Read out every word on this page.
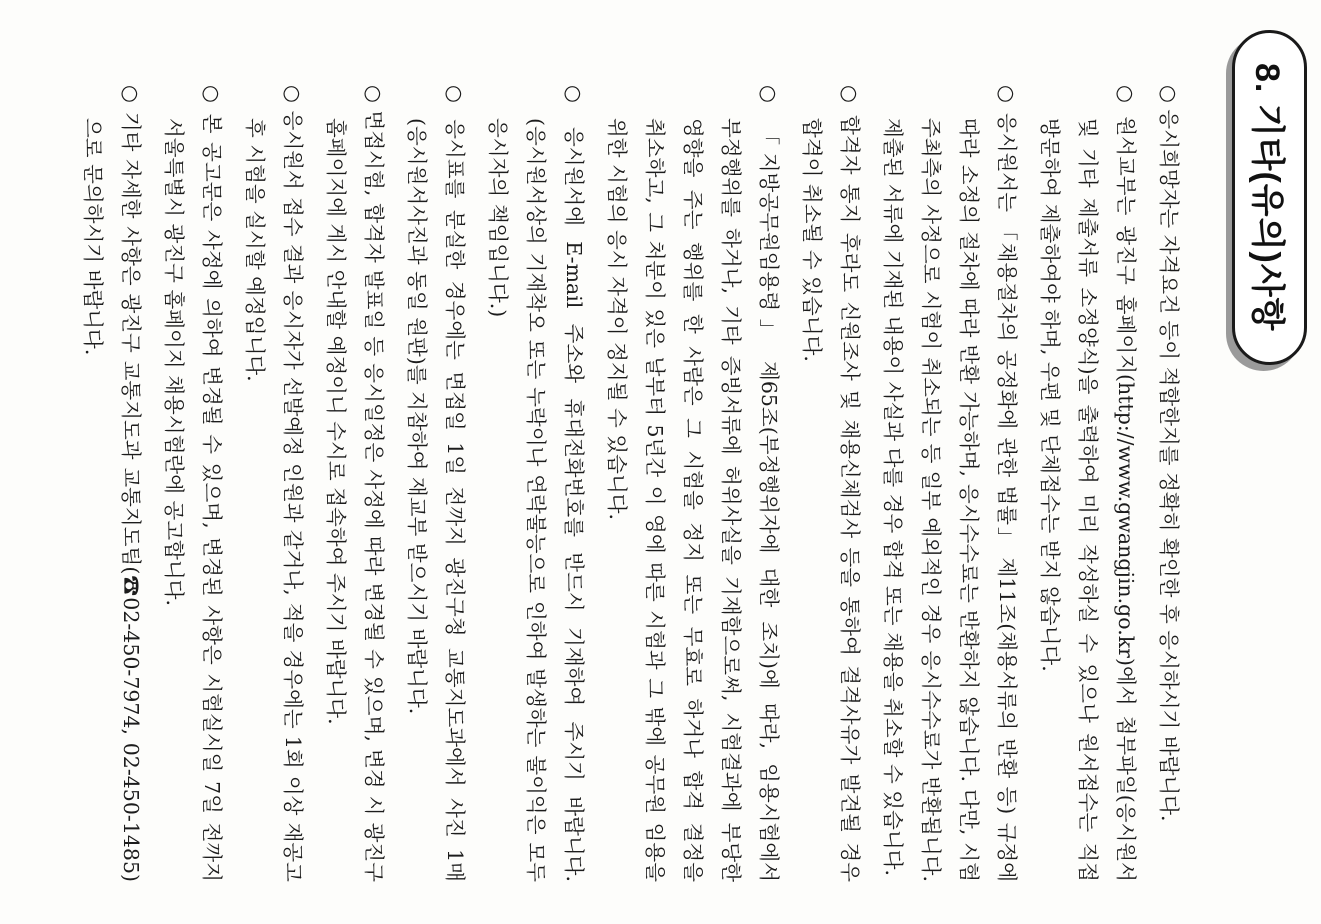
8. 기타(유의)사항

○ 응시희망자는 자격요건 등이 적합한지를 정확히 확인한 후 응시하시기 바랍니다.

○ 원서교부는 광진구 홈페이지(http://www.gwangjin.go.kr)에서 첨부파일(응시원서 및 기타 제출서류 소정양식)을 출력하여 미리 작성하실 수 있으나 원서접수는 직접 방문하여 제출하여야 하며, 우편 및 단체접수는 받지 않습니다.

○ 응시원서는 「채용절차의 공정화에 관한 법률」 제11조(채용서류의 반환 등) 규정에 따라 소정의 절차에 따라 반환 가능하며, 응시수수료는 반환하지 않습니다. 다만, 시험 주최측의 사정으로 시험이 취소되는 등 일부 예외적인 경우 응시수수료가 반환됩니다. 제출된 서류에 기재된 내용이 사실과 다를 경우 합격 또는 채용을 취소할 수 있습니다.

○ 합격자 통지 후라도 신원조사 및 채용신체검사 등을 통하여 결격사유가 발견될 경우 합격이 취소될 수 있습니다.

○ 「지방공무원임용령」 제65조(부정행위자에 대한 조치)에 따라, 임용시험에서 부정행위를 하거나, 기타 증빙서류에 허위사실을 기재함으로써, 시험결과에 부당한 영향을 주는 행위를 한 사람은 그 시험을 정지 또는 무효로 하거나 합격 결정을 취소하고, 그 처분이 있은 날부터 5년간 이 영에 따른 시험과 그 밖에 공무원 임용을 위한 시험의 응시 자격이 정지될 수 있습니다.

○ 응시원서에 E-mail 주소와 휴대전화번호를 반드시 기재하여 주시기 바랍니다. (응시원서상의 기재착오 또는 누락이나 연락불능으로 인하여 발생하는 불이익은 모두 응시자의 책임입니다.)

○ 응시표를 분실한 경우에는 면접일 1일 전까지 광진구청 교통지도과에서 사진 1매(응시원서사진과 동일 원판)를 지참하여 재교부 받으시기 바랍니다.

○ 면접시험, 합격자 발표일 등 응시일정은 사정에 따라 변경될 수 있으며, 변경 시 광진구 홈페이지에 게시 안내할 예정이니 수시로 접속하여 주시기 바랍니다.

○ 응시원서 접수 결과 응시자가 선발예정 인원과 같거나, 적을 경우에는 1회 이상 재공고 후 시험을 실시할 예정입니다.

○ 본 공고문은 사정에 의하여 변경될 수 있으며, 변경된 사항은 시험실시일 7일 전까지 서울특별시 광진구 홈페이지 채용시험란에 공고합니다.

○ 기타 자세한 사항은 광진구 교통지도과 교통지도팀(☎02-450-7974, 02-450-1485)으로 문의하시기 바랍니다.
